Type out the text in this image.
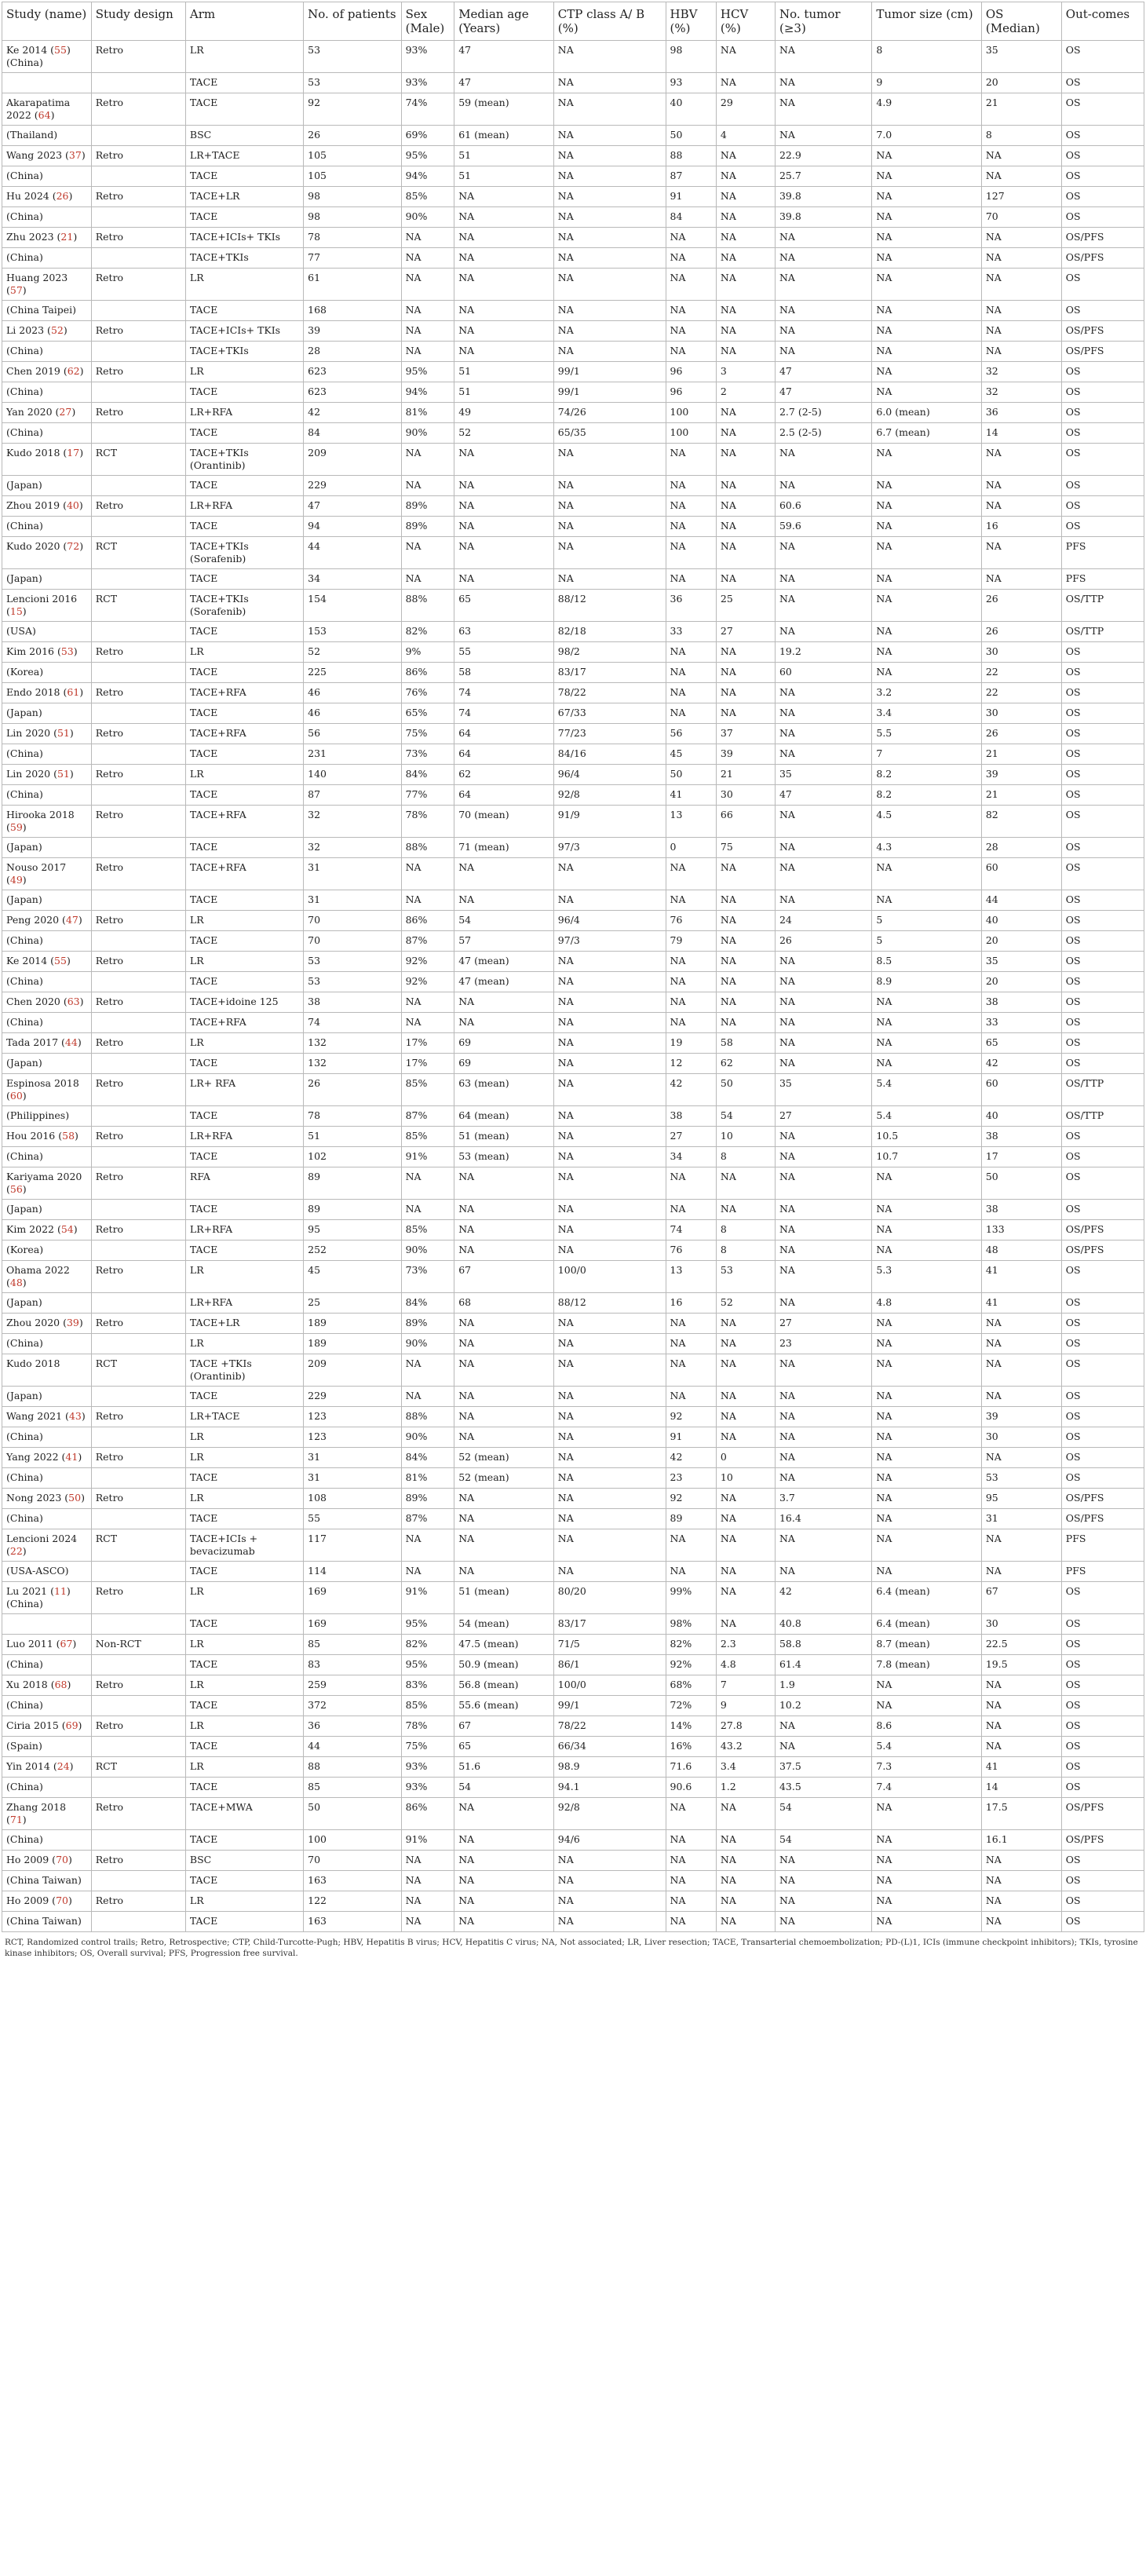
Study (name)	Study design	Arm	No. of patients	Sex (Male)	Median age (Years)	CTP class A/ B (%)	HBV (%)	HCV (%)	No. tumor (≥3)	Tumor size (cm)	OS (Median)	Out-comes
Ke 2014 (55) (China)	Retro	LR	53	93%	47	NA	98	NA	NA	8	35	OS
		TACE	53	93%	47	NA	93	NA	NA	9	20	OS
Akarapatima 2022 (64)	Retro	TACE	92	74%	59 (mean)	NA	40	29	NA	4.9	21	OS
(Thailand)		BSC	26	69%	61 (mean)	NA	50	4	NA	7.0	8	OS
Wang 2023 (37)	Retro	LR+TACE	105	95%	51	NA	88	NA	22.9	NA	NA	OS
(China)		TACE	105	94%	51	NA	87	NA	25.7	NA	NA	OS
Hu 2024 (26)	Retro	TACE+LR	98	85%	NA	NA	91	NA	39.8	NA	127	OS
(China)		TACE	98	90%	NA	NA	84	NA	39.8	NA	70	OS
Zhu 2023 (21)	Retro	TACE+ICIs+ TKIs	78	NA	NA	NA	NA	NA	NA	NA	NA	OS/PFS
(China)		TACE+TKIs	77	NA	NA	NA	NA	NA	NA	NA	NA	OS/PFS
Huang 2023 (57)	Retro	LR	61	NA	NA	NA	NA	NA	NA	NA	NA	OS
(China Taipei)		TACE	168	NA	NA	NA	NA	NA	NA	NA	NA	OS
Li 2023 (52)	Retro	TACE+ICIs+ TKIs	39	NA	NA	NA	NA	NA	NA	NA	NA	OS/PFS
(China)		TACE+TKIs	28	NA	NA	NA	NA	NA	NA	NA	NA	OS/PFS
Chen 2019 (62)	Retro	LR	623	95%	51	99/1	96	3	47	NA	32	OS
(China)		TACE	623	94%	51	99/1	96	2	47	NA	32	OS
Yan 2020 (27)	Retro	LR+RFA	42	81%	49	74/26	100	NA	2.7 (2-5)	6.0 (mean)	36	OS
(China)		TACE	84	90%	52	65/35	100	NA	2.5 (2-5)	6.7 (mean)	14	OS
Kudo 2018 (17)	RCT	TACE+TKIs (Orantinib)	209	NA	NA	NA	NA	NA	NA	NA	NA	OS
(Japan)		TACE	229	NA	NA	NA	NA	NA	NA	NA	NA	OS
Zhou 2019 (40)	Retro	LR+RFA	47	89%	NA	NA	NA	NA	60.6	NA	NA	OS
(China)		TACE	94	89%	NA	NA	NA	NA	59.6	NA	16	OS
Kudo 2020 (72)	RCT	TACE+TKIs (Sorafenib)	44	NA	NA	NA	NA	NA	NA	NA	NA	PFS
(Japan)		TACE	34	NA	NA	NA	NA	NA	NA	NA	NA	PFS
Lencioni 2016 (15)	RCT	TACE+TKIs (Sorafenib)	154	88%	65	88/12	36	25	NA	NA	26	OS/TTP
(USA)		TACE	153	82%	63	82/18	33	27	NA	NA	26	OS/TTP
Kim 2016 (53)	Retro	LR	52	9%	55	98/2	NA	NA	19.2	NA	30	OS
(Korea)		TACE	225	86%	58	83/17	NA	NA	60	NA	22	OS
Endo 2018 (61)	Retro	TACE+RFA	46	76%	74	78/22	NA	NA	NA	3.2	22	OS
(Japan)		TACE	46	65%	74	67/33	NA	NA	NA	3.4	30	OS
Lin 2020 (51)	Retro	TACE+RFA	56	75%	64	77/23	56	37	NA	5.5	26	OS
(China)		TACE	231	73%	64	84/16	45	39	NA	7	21	OS
Lin 2020 (51)	Retro	LR	140	84%	62	96/4	50	21	35	8.2	39	OS
(China)		TACE	87	77%	64	92/8	41	30	47	8.2	21	OS
Hirooka 2018 (59)	Retro	TACE+RFA	32	78%	70 (mean)	91/9	13	66	NA	4.5	82	OS
(Japan)		TACE	32	88%	71 (mean)	97/3	0	75	NA	4.3	28	OS
Nouso 2017 (49)	Retro	TACE+RFA	31	NA	NA	NA	NA	NA	NA	NA	60	OS
(Japan)		TACE	31	NA	NA	NA	NA	NA	NA	NA	44	OS
Peng 2020 (47)	Retro	LR	70	86%	54	96/4	76	NA	24	5	40	OS
(China)		TACE	70	87%	57	97/3	79	NA	26	5	20	OS
Ke 2014 (55)	Retro	LR	53	92%	47 (mean)	NA	NA	NA	NA	8.5	35	OS
(China)		TACE	53	92%	47 (mean)	NA	NA	NA	NA	8.9	20	OS
Chen 2020 (63)	Retro	TACE+idoine 125	38	NA	NA	NA	NA	NA	NA	NA	38	OS
(China)		TACE+RFA	74	NA	NA	NA	NA	NA	NA	NA	33	OS
Tada 2017 (44)	Retro	LR	132	17%	69	NA	19	58	NA	NA	65	OS
(Japan)		TACE	132	17%	69	NA	12	62	NA	NA	42	OS
Espinosa 2018 (60)	Retro	LR+ RFA	26	85%	63 (mean)	NA	42	50	35	5.4	60	OS/TTP
(Philippines)		TACE	78	87%	64 (mean)	NA	38	54	27	5.4	40	OS/TTP
Hou 2016 (58)	Retro	LR+RFA	51	85%	51 (mean)	NA	27	10	NA	10.5	38	OS
(China)		TACE	102	91%	53 (mean)	NA	34	8	NA	10.7	17	OS
Kariyama 2020 (56)	Retro	RFA	89	NA	NA	NA	NA	NA	NA	NA	50	OS
(Japan)		TACE	89	NA	NA	NA	NA	NA	NA	NA	38	OS
Kim 2022 (54)	Retro	LR+RFA	95	85%	NA	NA	74	8	NA	NA	133	OS/PFS
(Korea)		TACE	252	90%	NA	NA	76	8	NA	NA	48	OS/PFS
Ohama 2022 (48)	Retro	LR	45	73%	67	100/0	13	53	NA	5.3	41	OS
(Japan)		LR+RFA	25	84%	68	88/12	16	52	NA	4.8	41	OS
Zhou 2020 (39)	Retro	TACE+LR	189	89%	NA	NA	NA	NA	27	NA	NA	OS
(China)		LR	189	90%	NA	NA	NA	NA	23	NA	NA	OS
Kudo 2018	RCT	TACE +TKIs (Orantinib)	209	NA	NA	NA	NA	NA	NA	NA	NA	OS
(Japan)		TACE	229	NA	NA	NA	NA	NA	NA	NA	NA	OS
Wang 2021 (43)	Retro	LR+TACE	123	88%	NA	NA	92	NA	NA	NA	39	OS
(China)		LR	123	90%	NA	NA	91	NA	NA	NA	30	OS
Yang 2022 (41)	Retro	LR	31	84%	52 (mean)	NA	42	0	NA	NA	NA	OS
(China)		TACE	31	81%	52 (mean)	NA	23	10	NA	NA	53	OS
Nong 2023 (50)	Retro	LR	108	89%	NA	NA	92	NA	3.7	NA	95	OS/PFS
(China)		TACE	55	87%	NA	NA	89	NA	16.4	NA	31	OS/PFS
Lencioni 2024 (22)	RCT	TACE+ICIs + bevacizumab	117	NA	NA	NA	NA	NA	NA	NA	NA	PFS
(USA-ASCO)		TACE	114	NA	NA	NA	NA	NA	NA	NA	NA	PFS
Lu 2021 (11) (China)	Retro	LR	169	91%	51 (mean)	80/20	99%	NA	42	6.4 (mean)	67	OS
		TACE	169	95%	54 (mean)	83/17	98%	NA	40.8	6.4 (mean)	30	OS
Luo 2011 (67)	Non-RCT	LR	85	82%	47.5 (mean)	71/5	82%	2.3	58.8	8.7 (mean)	22.5	OS
(China)		TACE	83	95%	50.9 (mean)	86/1	92%	4.8	61.4	7.8 (mean)	19.5	OS
Xu 2018 (68)	Retro	LR	259	83%	56.8 (mean)	100/0	68%	7	1.9	NA	NA	OS
(China)		TACE	372	85%	55.6 (mean)	99/1	72%	9	10.2	NA	NA	OS
Ciria 2015 (69)	Retro	LR	36	78%	67	78/22	14%	27.8	NA	8.6	NA	OS
(Spain)		TACE	44	75%	65	66/34	16%	43.2	NA	5.4	NA	OS
Yin 2014 (24)	RCT	LR	88	93%	51.6	98.9	71.6	3.4	37.5	7.3	41	OS
(China)		TACE	85	93%	54	94.1	90.6	1.2	43.5	7.4	14	OS
Zhang 2018 (71)	Retro	TACE+MWA	50	86%	NA	92/8	NA	NA	54	NA	17.5	OS/PFS
(China)		TACE	100	91%	NA	94/6	NA	NA	54	NA	16.1	OS/PFS
Ho 2009 (70)	Retro	BSC	70	NA	NA	NA	NA	NA	NA	NA	NA	OS
(China Taiwan)		TACE	163	NA	NA	NA	NA	NA	NA	NA	NA	OS
Ho 2009 (70)	Retro	LR	122	NA	NA	NA	NA	NA	NA	NA	NA	OS
(China Taiwan)		TACE	163	NA	NA	NA	NA	NA	NA	NA	NA	OS
RCT, Randomized control trails; Retro, Retrospective; CTP, Child-Turcotte-Pugh; HBV, Hepatitis B virus; HCV, Hepatitis C virus; NA, Not associated; LR, Liver resection; TACE, Transarterial chemoembolization; PD-(L)1, ICIs (immune checkpoint inhibitors); TKIs, tyrosine kinase inhibitors; OS, Overall survival; PFS, Progression free survival.
